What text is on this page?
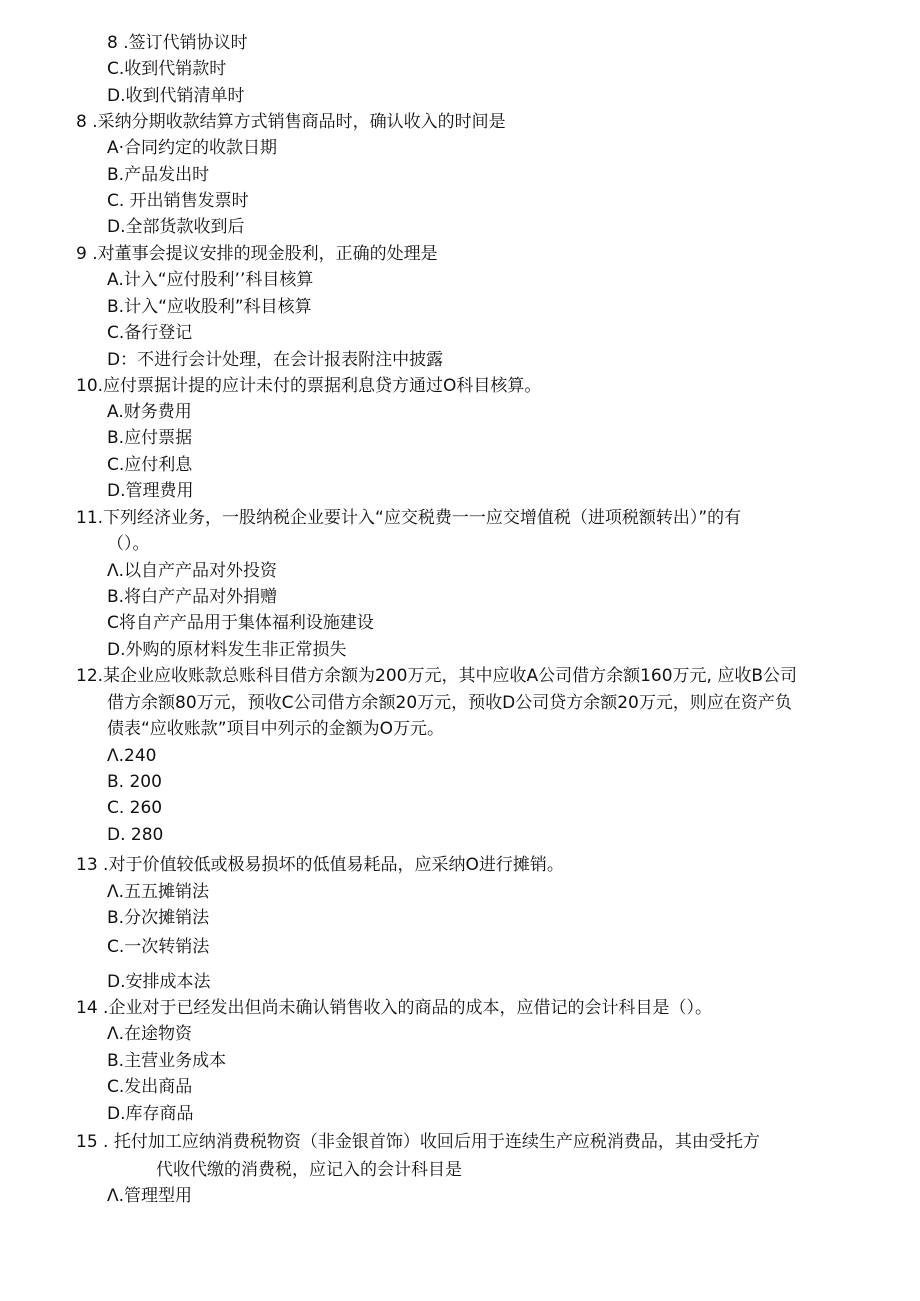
8 .签订代销协议时
C.收到代销款时
D.收到代销清单时
8 .采纳分期收款结算方式销售商品时，确认收入的时间是
A·合同约定的收款日期
B.产品发出时
C. 开出销售发票时
D.全部货款收到后
9 .对董事会提议安排的现金股利，正确的处理是
A.计入“应付股利’’科目核算
B.计入“应收股利”科目核算
C.备行登记
D：不进行会计处理，在会计报表附注中披露
10.应付票据计提的应计未付的票据利息贷方通过O科目核算。
A.财务费用
B.应付票据
C.应付利息
D.管理费用
11.下列经济业务，一股纳税企业要计入“应交税费一一应交增值税（进项税额转出）”的有
（）。
Λ.以自产产品对外投资
B.将白产产品对外捐赠
C将自产产品用于集体福利设施建设
D.外购的原材料发生非正常损失
12.某企业应收账款总账科目借方余额为200万元，其中应收A公司借方余额160万元, 应收B公司
借方余额80万元，预收C公司借方余额20万元，预收D公司贷方余额20万元，则应在资产负
债表“应收账款”项目中列示的金额为O万元。
Λ.240
B. 200
C. 260
D. 280
13 .对于价值较低或极易损坏的低值易耗品，应采纳O进行摊销。
Λ.五五摊销法
B.分次摊销法
C.一次转销法
D.安排成本法
14 .企业对于已经发出但尚未确认销售收入的商品的成本，应借记的会计科目是（）。
Λ.在途物资
B.主营业务成本
C.发出商品
D.库存商品
15 . 托付加工应纳消费税物资（非金银首饰）收回后用于连续生产应税消费品，其由受托方
代收代缴的消费税，应记入的会计科目是
Λ.管理型用
